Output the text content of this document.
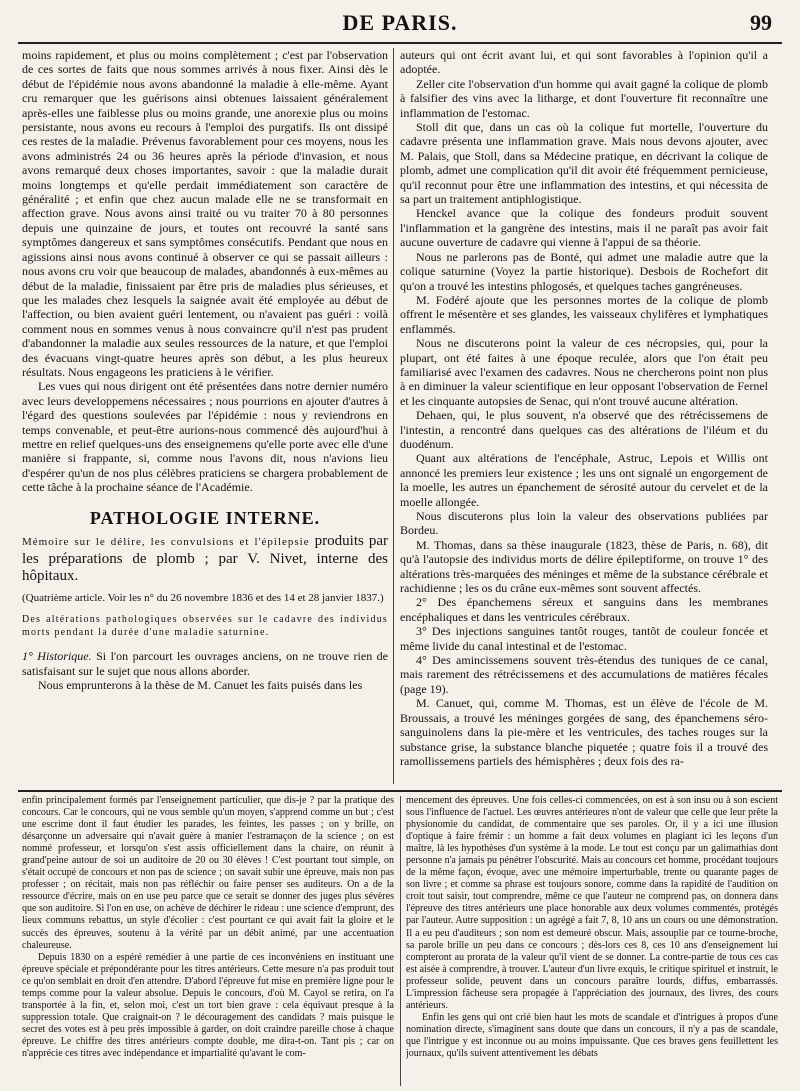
DE PARIS.	99

moins rapidement, et plus ou moins complètement ; c'est par l'observation de ces sortes de faits que nous sommes arrivés à nous fixer. Ainsi dès le début de l'épidémie nous avons abandonné la maladie à elle-même. Ayant cru remarquer que les guérisons ainsi obtenues laissaient généralement après-elles une faiblesse plus ou moins grande, une anorexie plus ou moins persistante, nous avons eu recours à l'emploi des purgatifs. Ils ont dissipé ces restes de la maladie. Prévenus favorablement pour ces moyens, nous les avons administrés 24 ou 36 heures après la période d'invasion, et nous avons remarqué deux choses importantes, savoir : que la maladie durait moins longtemps et qu'elle perdait immédiatement son caractère de généralité ; et enfin que chez aucun malade elle ne se transformait en affection grave. Nous avons ainsi traité ou vu traiter 70 à 80 personnes depuis une quinzaine de jours, et toutes ont recouvré la santé sans symptômes dangereux et sans symptômes consécutifs. Pendant que nous en agissions ainsi nous avons continué à observer ce qui se passait ailleurs : nous avons cru voir que beaucoup de malades, abandonnés à eux-mêmes au début de la maladie, finissaient par être pris de maladies plus sérieuses, et que les malades chez lesquels la saignée avait été employée au début de l'affection, ou bien avaient guéri lentement, ou n'avaient pas guéri : voilà comment nous en sommes venus à nous convaincre qu'il n'est pas prudent d'abandonner la maladie aux seules ressources de la nature, et que l'emploi des évacuans vingt-quatre heures après son début, a les plus heureux résultats. Nous engageons les praticiens à le vérifier.

Les vues qui nous dirigent ont été présentées dans notre dernier numéro avec leurs developpemens nécessaires ; nous pourrions en ajouter d'autres à l'égard des questions soulevées par l'épidémie : nous y reviendrons en temps convenable, et peut-être aurions-nous commencé dès aujourd'hui à mettre en relief quelques-uns des enseignemens qu'elle porte avec elle d'une manière si frappante, si, comme nous l'avons dit, nous n'avions lieu d'espérer qu'un de nos plus célèbres praticiens se chargera probablement de cette tâche à la prochaine séance de l'Académie.

PATHOLOGIE INTERNE.

Mémoire sur le délire, les convulsions et l'épilepsie produits par les préparations de plomb ; par V. Nivet, interne des hôpitaux.

(Quatrième article. Voir les n° du 26 novembre 1836 et des 14 et 28 janvier 1837.)

Des altérations pathologiques observées sur le cadavre des individus morts pendant la durée d'une maladie saturnine.

1° Historique. Si l'on parcourt les ouvrages anciens, on ne trouve rien de satisfaisant sur le sujet que nous allons aborder.

Nous emprunterons à la thèse de M. Canuet les faits puisés dans les

auteurs qui ont écrit avant lui, et qui sont favorables à l'opinion qu'il a adoptée.

Zeller cite l'observation d'un homme qui avait gagné la colique de plomb à falsifier des vins avec la litharge, et dont l'ouverture fit reconnaître une inflammation de l'estomac.

Stoll dit que, dans un cas où la colique fut mortelle, l'ouverture du cadavre présenta une inflammation grave. Mais nous devons ajouter, avec M. Palais, que Stoll, dans sa Médecine pratique, en décrivant la colique de plomb, admet une complication qu'il dit avoir été fréquemment pernicieuse, qu'il reconnut pour être une inflammation des intestins, et qui nécessita de sa part un traitement antiphlogistique.

Henckel avance que la colique des fondeurs produit souvent l'inflammation et la gangrène des intestins, mais il ne paraît pas avoir fait aucune ouverture de cadavre qui vienne à l'appui de sa théorie.

Nous ne parlerons pas de Bonté, qui admet une maladie autre que la colique saturnine (Voyez la partie historique). Desbois de Rochefort dit qu'on a trouvé les intestins phlogosés, et quelques taches gangréneuses.

M. Fodéré ajoute que les personnes mortes de la colique de plomb offrent le mésentère et ses glandes, les vaisseaux chylifères et lymphatiques enflammés.

Nous ne discuterons point la valeur de ces nécropsies, qui, pour la plupart, ont été faites à une époque reculée, alors que l'on était peu familiarisé avec l'examen des cadavres. Nous ne chercherons point non plus à en diminuer la valeur scientifique en leur opposant l'observation de Fernel et les cinquante autopsies de Senac, qui n'ont trouvé aucune altération.

Dehaen, qui, le plus souvent, n'a observé que des rétrécissemens de l'intestin, a rencontré dans quelques cas des altérations de l'iléum et du duodénum.

Quant aux altérations de l'encéphale, Astruc, Lepois et Willis ont annoncé les premiers leur existence ; les uns ont signalé un engorgement de la moelle, les autres un épanchement de sérosité autour du cervelet et de la moelle allongée.

Nous discuterons plus loin la valeur des observations publiées par Bordeu.

M. Thomas, dans sa thèse inaugurale (1823, thèse de Paris, n. 68), dit qu'à l'autopsie des individus morts de délire épileptiforme, on trouve 1° des altérations très-marquées des méninges et même de la substance cérébrale et rachidienne ; les os du crâne eux-mêmes sont souvent affectés.

2° Des épanchemens séreux et sanguins dans les membranes encéphaliques et dans les ventricules cérébraux.

3° Des injections sanguines tantôt rouges, tantôt de couleur foncée et même livide du canal intestinal et de l'estomac.

4° Des amincissemens souvent très-étendus des tuniques de ce canal, mais rarement des rétrécissemens et des accumulations de matières fécales (page 19).

M. Canuet, qui, comme M. Thomas, est un élève de l'école de M. Broussais, a trouvé les méninges gorgées de sang, des épanchemens séro-sanguinolens dans la pie-mère et les ventricules, des taches rouges sur la substance grise, la substance blanche piquetée ; quatre fois il a trouvé des ramollissemens partiels des hémisphères ; deux fois des ra-

enfin principalement formés par l'enseignement particulier, que dis-je ? par la pratique des concours. Car le concours, qui ne vous semble qu'un moyen, s'apprend comme un but ; c'est une escrime dont il faut étudier les parades, les feintes, les passes ; on y brille, on désarçonne un adversaire qui n'avait guère à manier l'estramaçon de la science ; on est nommé professeur, et lorsqu'on s'est assis officiellement dans la chaire, on réunit à grand'peine autour de soi un auditoire de 20 ou 30 élèves ! C'est pourtant tout simple, on s'était occupé de concours et non pas de science ; on savait subir une épreuve, mais non pas professer ; on récitait, mais non pas réfléchir ou faire penser ses auditeurs. On a de la ressource d'écrire, mais on en use peu parce que ce serait se donner des juges plus sévères que son auditoire. Si l'on en use, on achève de déchirer le rideau : une science d'emprunt, des lieux communs rebattus, un style d'écolier : c'est pourtant ce qui avait fait la gloire et le succès des épreuves, soutenu à la vérité par un débit animé, par une accentuation chaleureuse.

Depuis 1830 on a espéré remédier à une partie de ces inconvéniens en instituant une épreuve spéciale et prépondérante pour les titres antérieurs. Cette mesure n'a pas produit tout ce qu'on semblait en droit d'en attendre. D'abord l'épreuve fut mise en première ligne pour le temps comme pour la valeur absolue. Depuis le concours, d'où M. Cayol se retira, on l'a transportée à la fin, et, selon moi, c'est un tort bien grave : cela équivaut presque à la suppression totale. Que craignait-on ? le découragement des candidats ? mais puisque le secret des votes est à peu près impossible à garder, on doit craindre pareille chose à chaque épreuve. Le chiffre des titres antérieurs compte double, me dira-t-on. Tant pis ; car on n'apprécie ces titres avec indépendance et impartialité qu'avant le com-

mencement des épreuves. Une fois celles-ci commencées, on est à son insu ou à son escient sous l'influence de l'actuel. Les œuvres antérieures n'ont de valeur que celle que leur prête la physionomie du candidat, de commentaire que ses paroles. Or, il y a ici une illusion d'optique à faire frémir : un homme a fait deux volumes en plagiant ici les leçons d'un maître, là les hypothèses d'un système à la mode. Le tout est conçu par un galimathias dont personne n'a jamais pu pénétrer l'obscurité. Mais au concours cet homme, procédant toujours de la même façon, évoque, avec une mémoire imperturbable, trente ou quarante pages de son livre ; et comme sa phrase est toujours sonore, comme dans la rapidité de l'audition on croit tout saisir, tout comprendre, même ce que l'auteur ne comprend pas, on donnera dans l'épreuve des titres antérieurs une place honorable aux deux volumes commentés, protégés par l'auteur. Autre supposition : un agrégé a fait 7, 8, 10 ans un cours ou une démonstration. Il a eu peu d'auditeurs ; son nom est demeuré obscur. Mais, assouplie par ce tourne-broche, sa parole brille un peu dans ce concours ; dès-lors ces 8, ces 10 ans d'enseignement lui compteront au prorata de la valeur qu'il vient de se donner. La contre-partie de tous ces cas est aisée à comprendre, à trouver. L'auteur d'un livre exquis, le critique spirituel et instruit, le professeur solide, peuvent dans un concours paraître lourds, diffus, embarrassés. L'impression fâcheuse sera propagée à l'appréciation des journaux, des livres, des cours antérieurs.

Enfin les gens qui ont crié bien haut les mots de scandale et d'intrigues à propos d'une nomination directe, s'imaginent sans doute que dans un concours, il n'y a pas de scandale, que l'intrigue y est inconnue ou au moins impuissante. Que ces braves gens feuillettent les journaux, qu'ils suivent attentivement les débats
